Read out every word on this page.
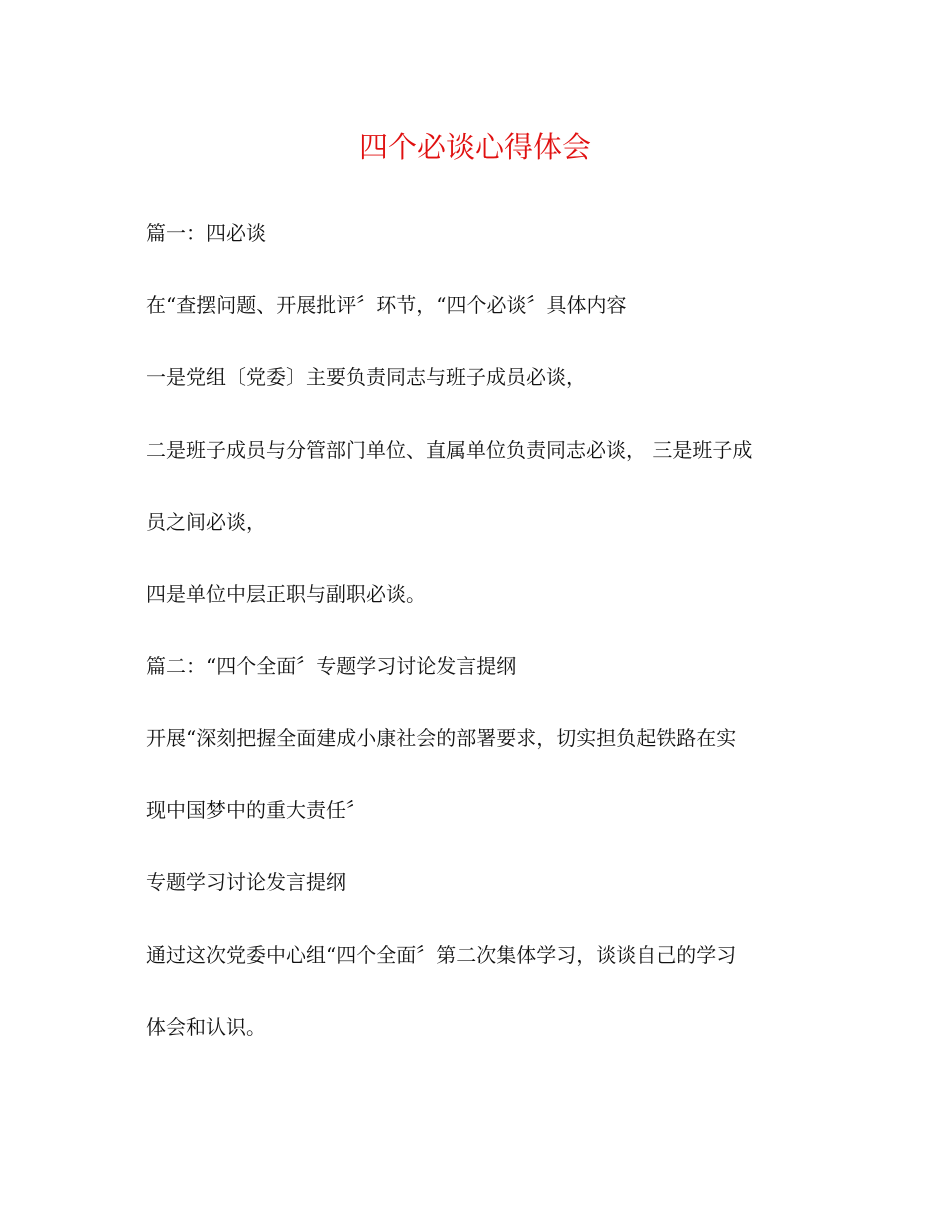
四个必谈心得体会

篇一：四必谈

在“查摆问题、开展批评〞环节，“四个必谈〞具体内容

一是党组〔党委〕主要负责同志与班子成员必谈，

二是班子成员与分管部门单位、直属单位负责同志必谈， 三是班子成

员之间必谈，

四是单位中层正职与副职必谈。

篇二：“四个全面〞专题学习讨论发言提纲

开展“深刻把握全面建成小康社会的部署要求，切实担负起铁路在实

现中国梦中的重大责任〞

专题学习讨论发言提纲

通过这次党委中心组“四个全面〞第二次集体学习，谈谈自己的学习

体会和认识。
